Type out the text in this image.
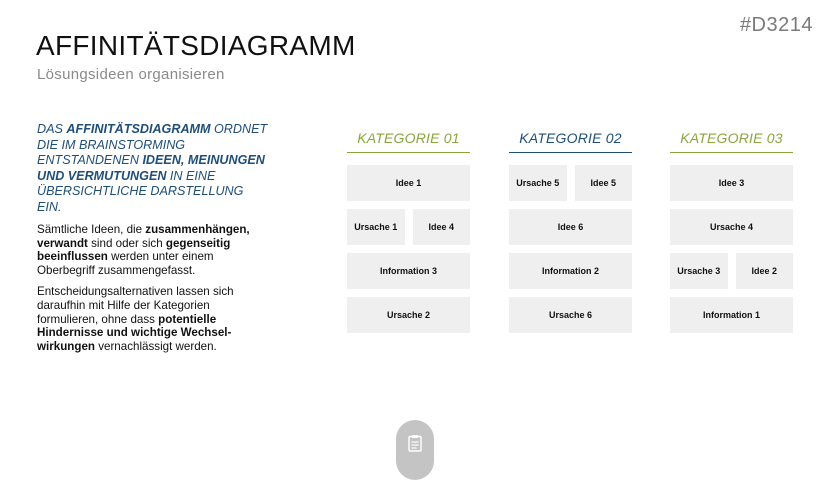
#D3214
AFFINITÄTSDIAGRAMM
Lösungsideen organisieren
DAS AFFINITÄTSDIAGRAMM ORDNET DIE IM BRAINSTORMING ENTSTANDENEN IDEEN, MEINUNGEN UND VERMUTUNGEN IN EINE ÜBERSICHTLICHE DARSTELLUNG EIN.
Sämtliche Ideen, die zusammenhängen, verwandt sind oder sich gegenseitig beeinflussen werden unter einem Oberbegriff zusammengefasst.
Entscheidungsalternativen lassen sich daraufhin mit Hilfe der Kategorien formulieren, ohne dass potentielle Hindernisse und wichtige Wechsel-wirkungen vernachlässigt werden.
KATEGORIE 01
Idee 1
Ursache 1	Idee 4
Information 3
Ursache 2
KATEGORIE 02
Ursache 5	Idee 5
Idee 6
Information 2
Ursache 6
KATEGORIE 03
Idee 3
Ursache 4
Ursache 3	Idee 2
Information 1
